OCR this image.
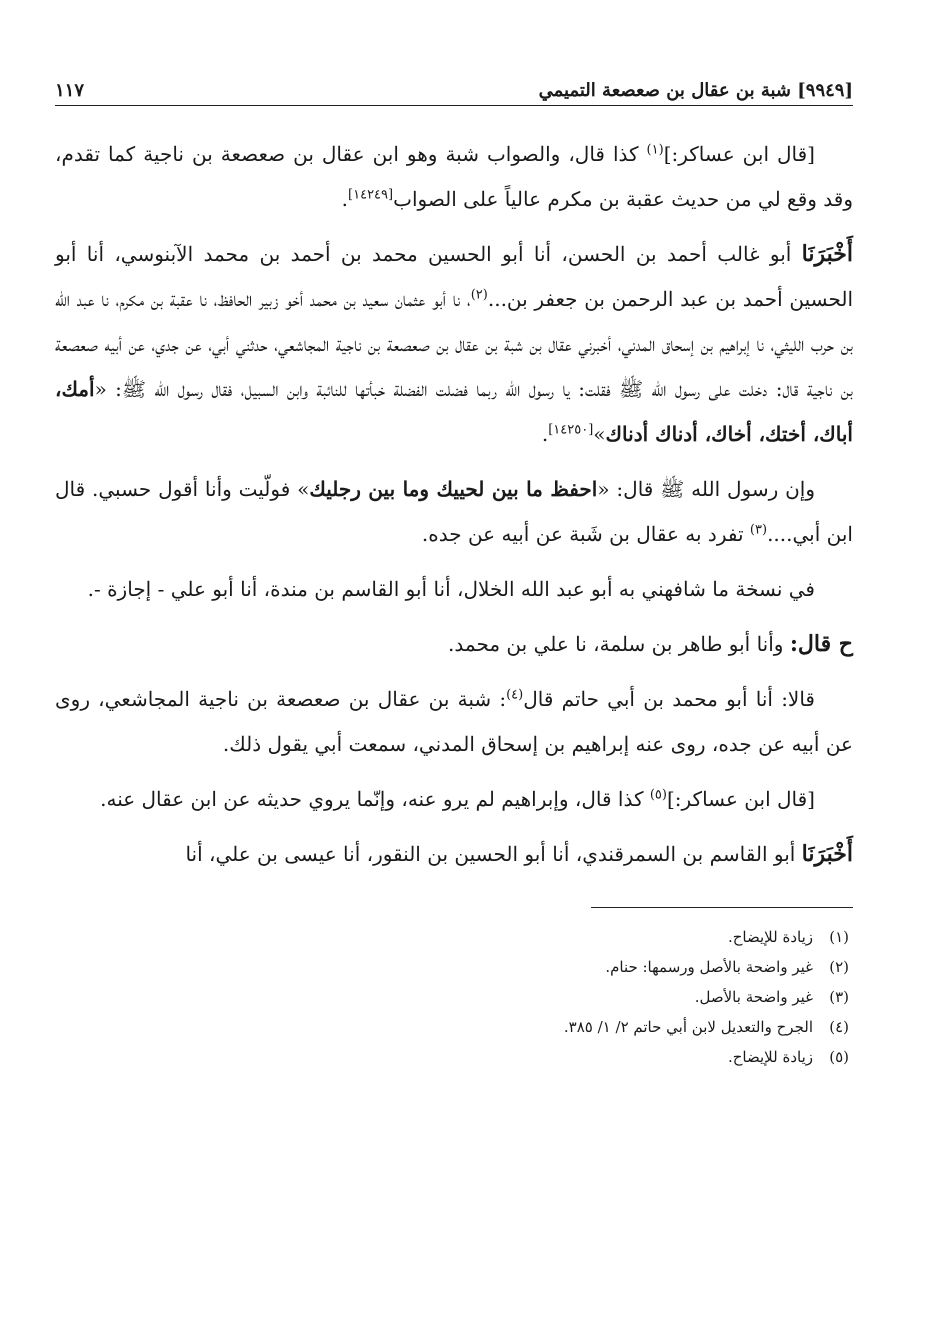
[٩٩٤٩] شبة بن عقال بن صعصعة التميمي
١١٧

[قال ابن عساكر:]$^{(١)}$ كذا قال، والصواب شبة وهو ابن عقال بن صعصعة بن ناجية كما تقدم، وقد وقع لي من حديث عقبة بن مكرم عالياً على الصواب[١٤٢٤٩].

أَخْبَرَنَا أبو غالب أحمد بن الحسن، أنا أبو الحسين محمد بن أحمد بن محمد الآبنوسي، أنا أبو الحسين أحمد بن عبد الرحمن بن جعفر بن...$^{(٢)}$، نا أبو عثمان سعيد بن محمد أخو زبير الحافظ، نا عقبة بن مكرم، نا عبد الله بن حرب الليثي، نا إبراهيم بن إسحاق المدني، أخبرني عقال بن شبة بن عقال بن صعصعة بن ناجية المجاشعي، حدثني أبي، عن جدي، عن أبيه صعصعة بن ناجية قال: دخلت على رسول الله ﷺ فقلت: يا رسول الله ربما فضلت الفضلة خبأتها للنائبة وابن السبيل، فقال رسول الله ﷺ: «أمك، أباك، أختك، أخاك، أدناك أدناك»[١٤٢٥٠].

وإن رسول الله ﷺ قال: «احفظ ما بين لحييك وما بين رجليك» فولّيت وأنا أقول حسبي. قال ابن أبي....$^{(٣)}$ تفرد به عقال بن شَبة عن أبيه عن جده.

في نسخة ما شافهني به أبو عبد الله الخلال، أنا أبو القاسم بن مندة، أنا أبو علي - إجازة -.

ح قال: وأنا أبو طاهر بن سلمة، نا علي بن محمد.

قالا: أنا أبو محمد بن أبي حاتم قال$^{(٤)}$: شبة بن عقال بن صعصعة بن ناجية المجاشعي، روى عن أبيه عن جده، روى عنه إبراهيم بن إسحاق المدني، سمعت أبي يقول ذلك.

[قال ابن عساكر:]$^{(٥)}$ كذا قال، وإبراهيم لم يرو عنه، وإنّما يروي حديثه عن ابن عقال عنه.

أَخْبَرَنَا أبو القاسم بن السمرقندي، أنا أبو الحسين بن النقور، أنا عيسى بن علي، أنا

(١)
زيادة للإيضاح.
(٢)
غير واضحة بالأصل ورسمها: حنام.
(٣)
غير واضحة بالأصل.
(٤)
الجرح والتعديل لابن أبي حاتم ٢/ ١/ ٣٨٥.
(٥)
زيادة للإيضاح.
